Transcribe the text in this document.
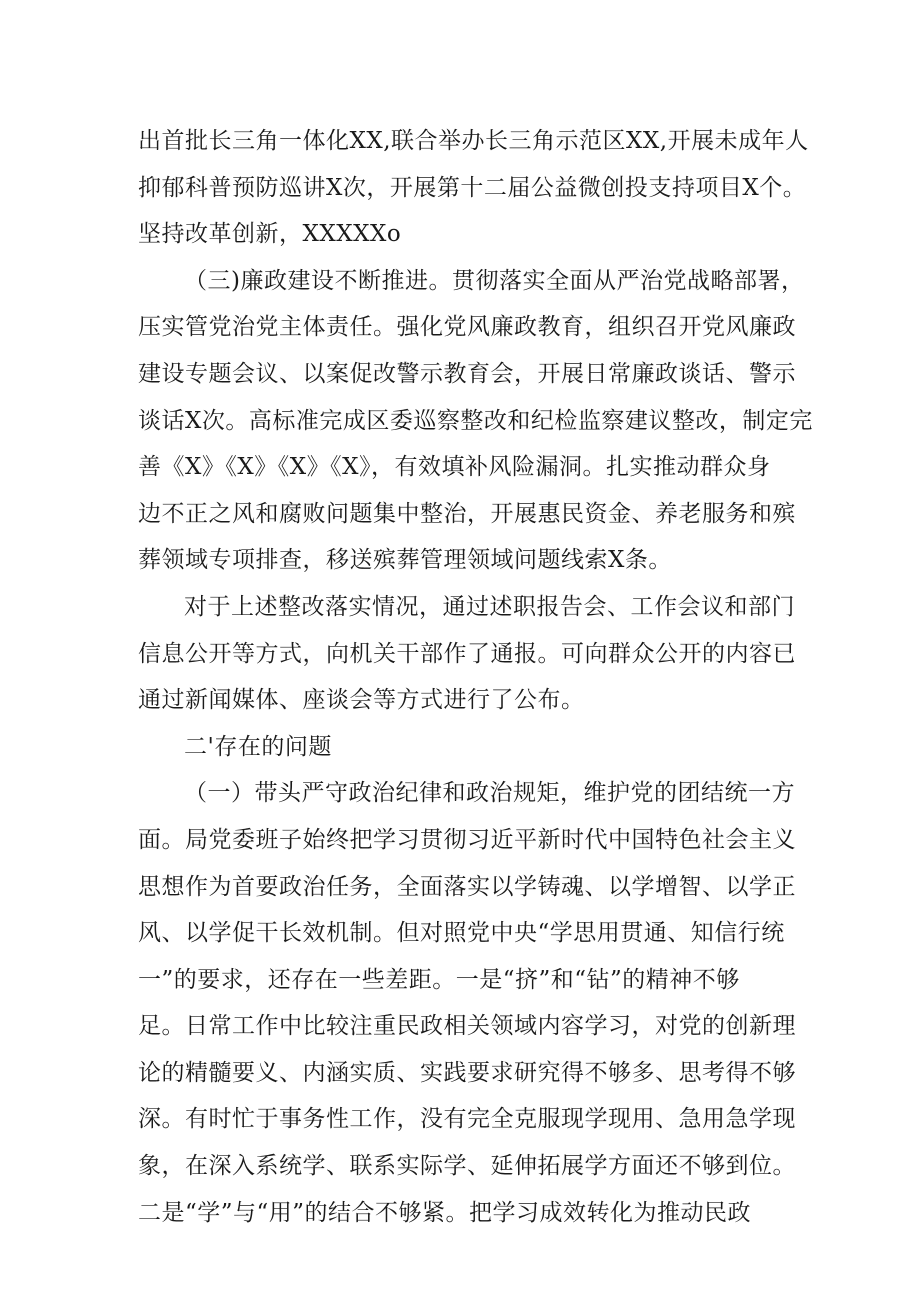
出首批长三角一体化XX,联合举办长三角示范区XX,开展未成年人
抑郁科普预防巡讲X次，开展第十二届公益微创投支持项目X个。
坚持改革创新，XXXXXo
（三)廉政建设不断推进。贯彻落实全面从严治党战略部署，
压实管党治党主体责任。强化党风廉政教育，组织召开党风廉政
建设专题会议、以案促改警示教育会，开展日常廉政谈话、警示
谈话X次。高标准完成区委巡察整改和纪检监察建议整改，制定完
善《X》《X》《X》《X》，有效填补风险漏洞。扎实推动群众身
边不正之风和腐败问题集中整治，开展惠民资金、养老服务和殡
葬领域专项排查，移送殡葬管理领域问题线索X条。
对于上述整改落实情况，通过述职报告会、工作会议和部门
信息公开等方式，向机关干部作了通报。可向群众公开的内容已
通过新闻媒体、座谈会等方式进行了公布。
二'存在的问题
（一）带头严守政治纪律和政治规矩，维护党的团结统一方
面。局党委班子始终把学习贯彻习近平新时代中国特色社会主义
思想作为首要政治任务，全面落实以学铸魂、以学增智、以学正
风、以学促干长效机制。但对照党中央“学思用贯通、知信行统
一”的要求，还存在一些差距。一是“挤”和“钻”的精神不够
足。日常工作中比较注重民政相关领域内容学习，对党的创新理
论的精髓要义、内涵实质、实践要求研究得不够多、思考得不够
深。有时忙于事务性工作，没有完全克服现学现用、急用急学现
象，在深入系统学、联系实际学、延伸拓展学方面还不够到位。
二是“学”与“用”的结合不够紧。把学习成效转化为推动民政
